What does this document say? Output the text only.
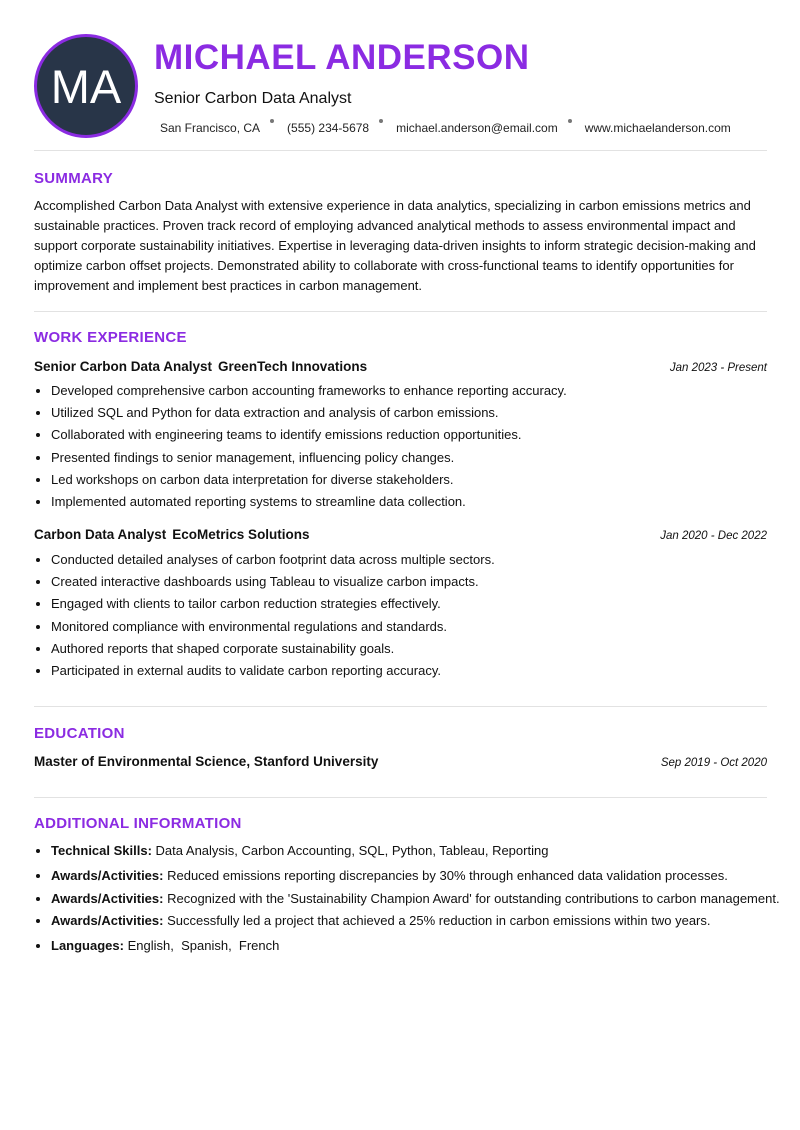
MA
MICHAEL ANDERSON
Senior Carbon Data Analyst
San Francisco, CA (555) 234-5678 michael.anderson@email.com www.michaelanderson.com
SUMMARY

Accomplished Carbon Data Analyst with extensive experience in data analytics, specializing in carbon emissions metrics and sustainable practices. Proven track record of employing advanced analytical methods to assess environmental impact and support corporate sustainability initiatives. Expertise in leveraging data-driven insights to inform strategic decision-making and optimize carbon offset projects. Demonstrated ability to collaborate with cross-functional teams to identify opportunities for improvement and implement best practices in carbon management.

WORK EXPERIENCE
Senior Carbon Data Analyst GreenTech Innovations	Jan 2023 - Present
• Developed comprehensive carbon accounting frameworks to enhance reporting accuracy.
• Utilized SQL and Python for data extraction and analysis of carbon emissions.
• Collaborated with engineering teams to identify emissions reduction opportunities.
• Presented findings to senior management, influencing policy changes.
• Led workshops on carbon data interpretation for diverse stakeholders.
• Implemented automated reporting systems to streamline data collection.
Carbon Data Analyst EcoMetrics Solutions	Jan 2020 - Dec 2022
• Conducted detailed analyses of carbon footprint data across multiple sectors.
• Created interactive dashboards using Tableau to visualize carbon impacts.
• Engaged with clients to tailor carbon reduction strategies effectively.
• Monitored compliance with environmental regulations and standards.
• Authored reports that shaped corporate sustainability goals.
• Participated in external audits to validate carbon reporting accuracy.
EDUCATION
Master of Environmental Science, Stanford University	Sep 2019 - Oct 2020
ADDITIONAL INFORMATION
• Technical Skills: Data Analysis, Carbon Accounting, SQL, Python, Tableau, Reporting
• Awards/Activities: Reduced emissions reporting discrepancies by 30% through enhanced data validation processes.
• Awards/Activities: Recognized with the 'Sustainability Champion Award' for outstanding contributions to carbon management.
• Awards/Activities: Successfully led a project that achieved a 25% reduction in carbon emissions within two years.
• Languages: English , Spanish , French
